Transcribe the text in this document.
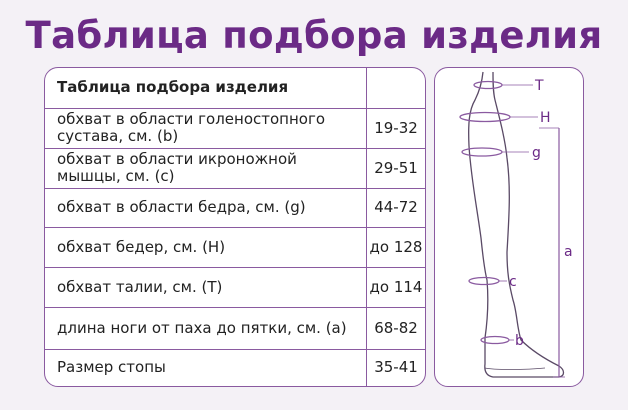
Таблица подбора изделия
Таблица подбора изделия	
обхват в области голеностопного сустава, см. (b)	19-32
обхват в области икроножной мышцы, см. (c)	29-51
обхват в области бедра, см. (g)	44-72
обхват бедер, см. (H)	до 128
обхват талии, см. (T)	до 114
длина ноги от паха до пятки, см. (a)	68-82
Размер стопы	35-41
T
H
g
a
c
b
